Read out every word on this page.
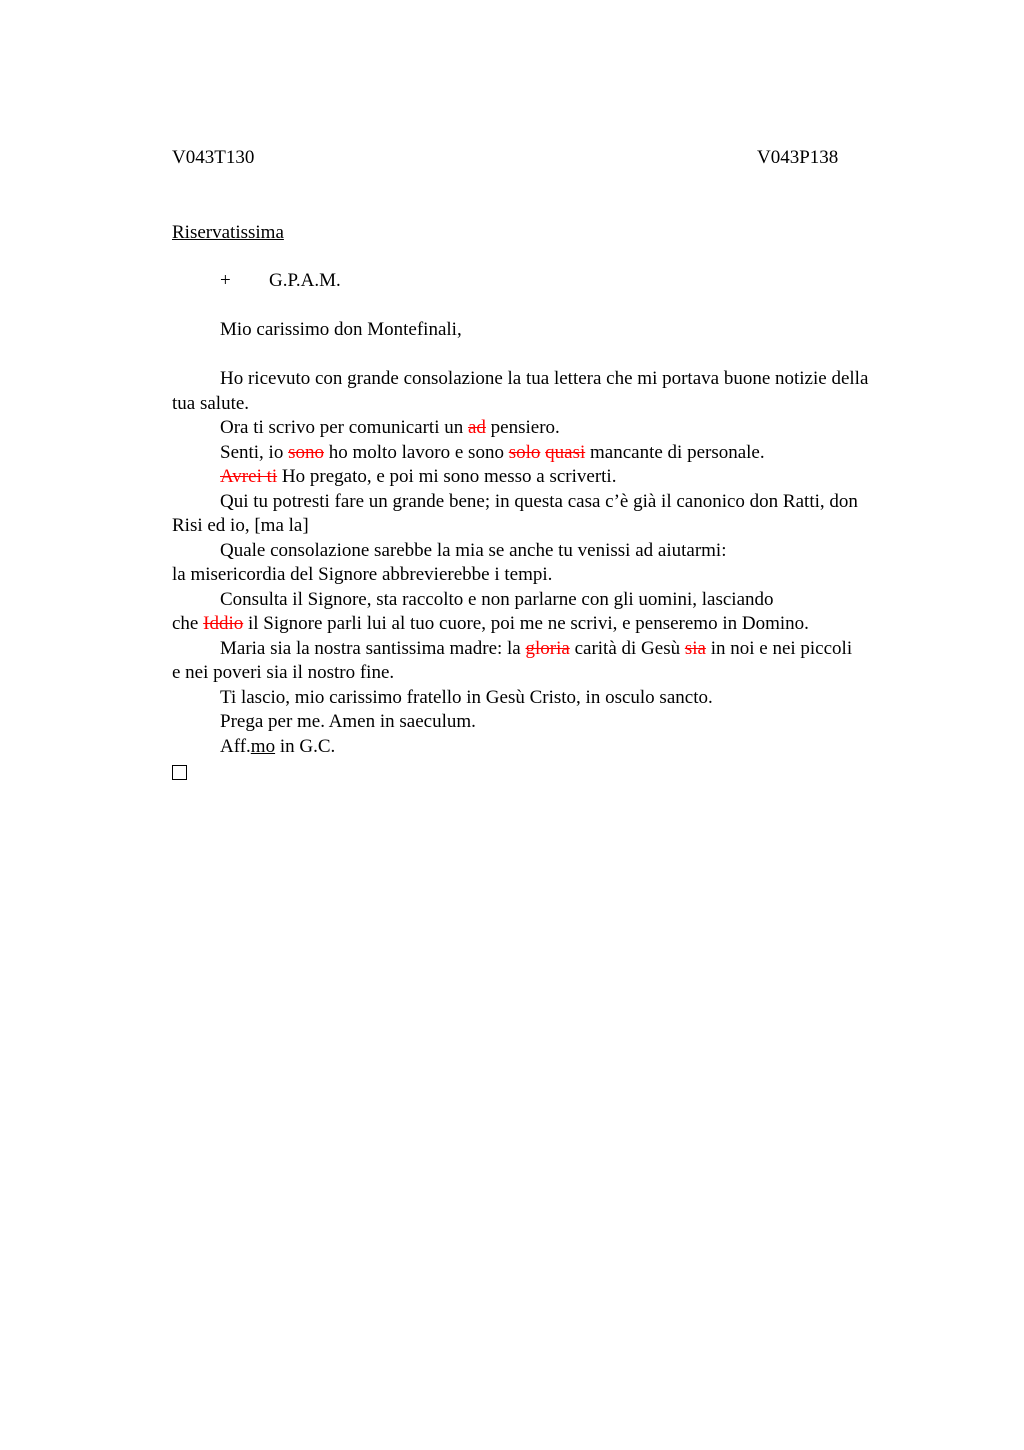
V043T130	V043P138
Riservatissima
+ G.P.A.M.
Mio carissimo don Montefinali,

Ho ricevuto con grande consolazione la tua lettera che mi portava buone notizie della tua salute.

Ora ti scrivo per comunicarti un ad pensiero.

Senti, io sono ho molto lavoro e sono solo quasi mancante di personale.

Avrei ti Ho pregato, e poi mi sono messo a scriverti.

Qui tu potresti fare un grande bene; in questa casa c’è già il canonico don Ratti, don Risi ed io, [ma la]

Quale consolazione sarebbe la mia se anche tu venissi ad aiutarmi:

la misericordia del Signore abbrevierebbe i tempi.

Consulta il Signore, sta raccolto e non parlarne con gli uomini, lasciando

che Iddio il Signore parli lui al tuo cuore, poi me ne scrivi, e penseremo in Domino.

Maria sia la nostra santissima madre: la gloria carità di Gesù sia in noi e nei piccoli

e nei poveri sia il nostro fine.

Ti lascio, mio carissimo fratello in Gesù Cristo, in osculo sancto.

Prega per me. Amen in saeculum.

Aff.mo in G.C.
